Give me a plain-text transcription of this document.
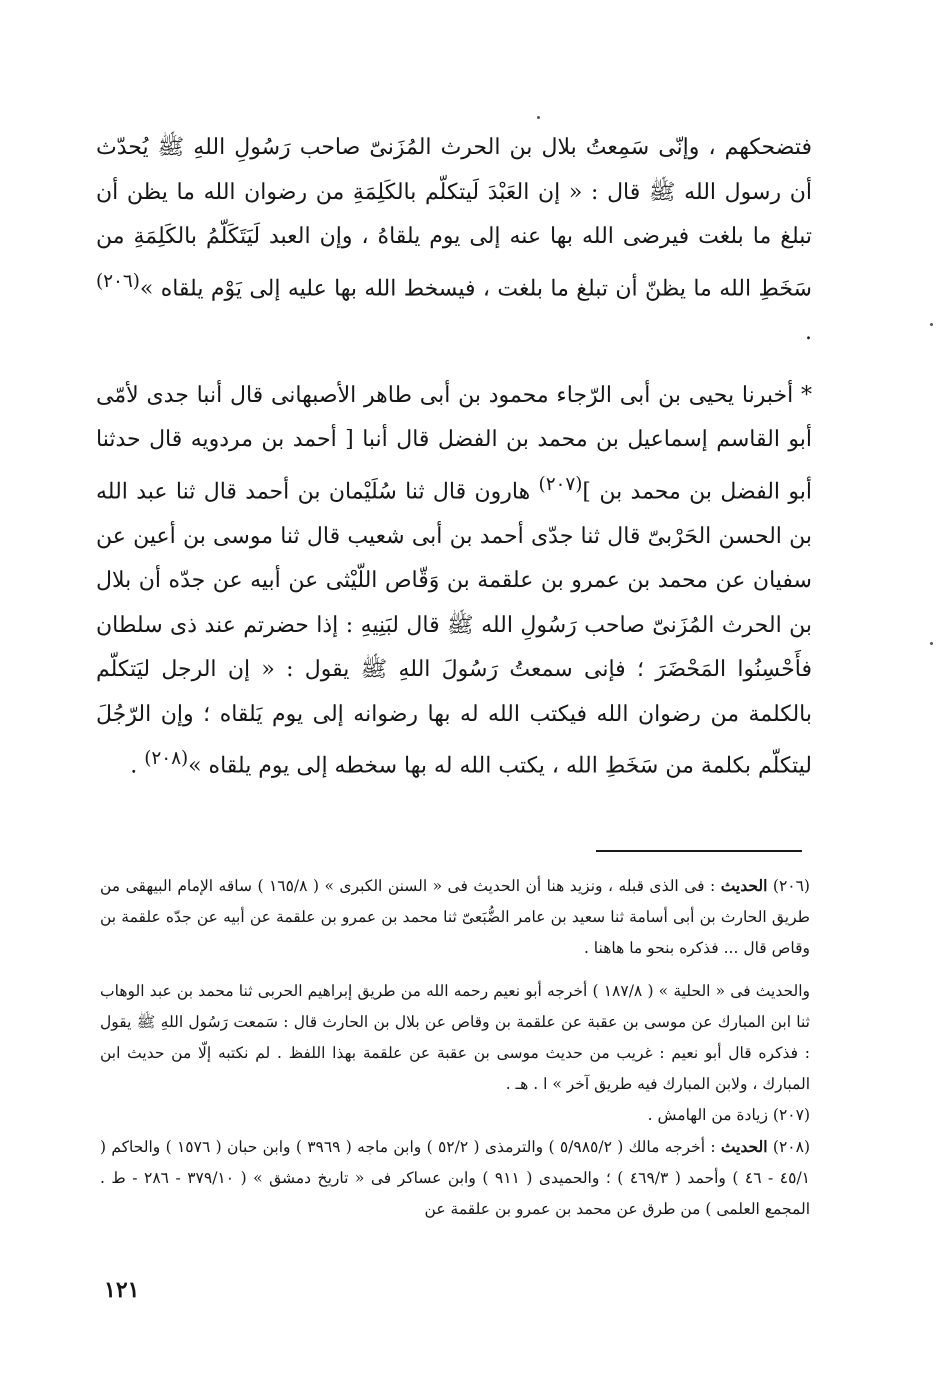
فتضحكهم ، وإنّى سَمِعتُ بلال بن الحرث المُزَنىّ صاحب رَسُولِ اللهِ ﷺ يُحدّث أن رسول الله ﷺ قال : « إن العَبْدَ لَيتكلّم بالكَلِمَةِ من رضوان الله ما يظن أن تبلغ ما بلغت فيرضى الله بها عنه إلى يوم يلقاهُ ، وإن العبد لَيَتَكَلّمُ بالكَلِمَةِ من سَخَطِ الله ما يظنّ أن تبلغ ما بلغت ، فيسخط الله بها عليه إلى يَوْم يلقاه »$^{(٢٠٦)}$ .

* أخبرنا يحيى بن أبى الرّجاء محمود بن أبى طاهر الأصبهانى قال أنبا جدى لأمّى أبو القاسم إسماعيل بن محمد بن الفضل قال أنبا [ أحمد بن مردويه قال حدثنا أبو الفضل بن محمد بن ]$^{(٢٠٧)}$ هارون قال ثنا سُلَيْمان بن أحمد قال ثنا عبد الله بن الحسن الحَرْبىّ قال ثنا جدّى أحمد بن أبى شعيب قال ثنا موسى بن أعين عن سفيان عن محمد بن عمرو بن علقمة بن وَقّاص اللّيْثى عن أبيه عن جدّه أن بلال بن الحرث المُزَنىّ صاحب رَسُولِ الله ﷺ قال لبَنِيهِ : إذا حضرتم عند ذى سلطان فأَحْسِنُوا المَحْضَرَ ؛ فإنى سمعتُ رَسُولَ اللهِ ﷺ يقول : « إن الرجل ليَتكلّم بالكلمة من رضوان الله فيكتب الله له بها رضوانه إلى يوم يَلقاه ؛ وإن الرّجُلَ ليتكلّم بكلمة من سَخَطِ الله ، يكتب الله له بها سخطه إلى يوم يلقاه »$^{(٢٠٨)}$ .

(٢٠٦) الحديث : فى الذى قبله ، ونزيد هنا أن الحديث فى « السنن الكبرى » ( ١٦٥/٨ ) ساقه الإمام البيهقى من طريق الحارث بن أبى أسامة ثنا سعيد بن عامر الضُّبَعىّ ثنا محمد بن عمرو بن علقمة عن أبيه عن جدّه علقمة بن وقاص قال ... فذكره بنحو ما هاهنا .

والحديث فى « الحلية » ( ١٨٧/٨ ) أخرجه أبو نعيم رحمه الله من طريق إبراهيم الحربى ثنا محمد بن عبد الوهاب ثنا ابن المبارك عن موسى بن عقبة عن علقمة بن وقاص عن بلال بن الحارث قال : سَمعت رَسُول اللهِ ﷺ يقول : فذكره قال أبو نعيم : غريب من حديث موسى بن عقبة عن علقمة بهذا اللفظ . لم نكتبه إلّا من حديث ابن المبارك ، ولابن المبارك فيه طريق آخر » ا . هـ .

(٢٠٧) زيادة من الهامش .

(٢٠٨) الحديث : أخرجه مالك ( ٥/٩٨٥/٢ ) والترمذى ( ٥٢/٢ ) وابن ماجه ( ٣٩٦٩ ) وابن حبان ( ١٥٧٦ ) والحاكم ( ٤٥/١ - ٤٦ ) وأحمد ( ٤٦٩/٣ ) ؛ والحميدى ( ٩١١ ) وابن عساكر فى « تاريخ دمشق » ( ٣٧٩/١٠ - ٢٨٦ - ط . المجمع العلمى ) من طرق عن محمد بن عمرو بن علقمة عن

١٢١
